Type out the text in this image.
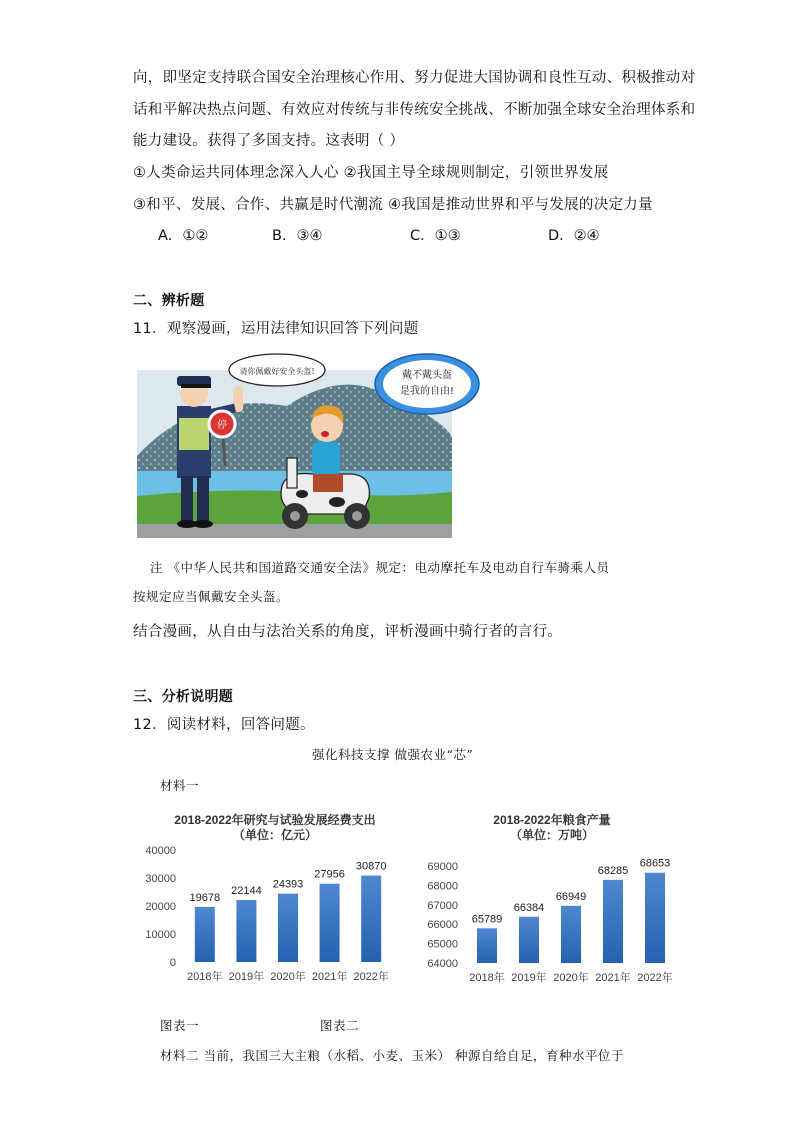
向，即坚定支持联合国安全治理核心作用、努力促进大国协调和良性互动、积极推动对
话和平解决热点问题、有效应对传统与非传统安全挑战、不断加强全球安全治理体系和
能力建设。获得了多国支持。这表明（ ）
①人类命运共同体理念深入人心 ②我国主导全球规则制定，引领世界发展
③和平、发展、合作、共赢是时代潮流 ④我国是推动世界和平与发展的决定力量
A．①②	B．③④	C．①③	D．②④
二、辨析题
11．观察漫画，运用法律知识回答下列问题
请你佩戴好安全头盔!
停
戴不戴头盔
是我的自由!
注 《中华人民共和国道路交通安全法》规定：电动摩托车及电动自行车骑乘人员
按规定应当佩戴安全头盔。
结合漫画，从自由与法治关系的角度，评析漫画中骑行者的言行。
三、分析说明题
12．阅读材料，回答问题。
强化科技支撑 做强农业“芯”
材料一
2018-2022年研究与试验发展经费支出
（单位：亿元）
40000
30000
20000
10000
0
19678
2018年
22144
2019年
24393
2020年
27956
2021年
30870
2022年
2018-2022年粮食产量
（单位：万吨）
69000
68000
67000
66000
65000
64000
65789
2018年
66384
2019年
66949
2020年
68285
2021年
68653
2022年
图表一	图表二
材料二 当前，我国三大主粮（水稻、小麦、玉米） 种源自给自足，育种水平位于
